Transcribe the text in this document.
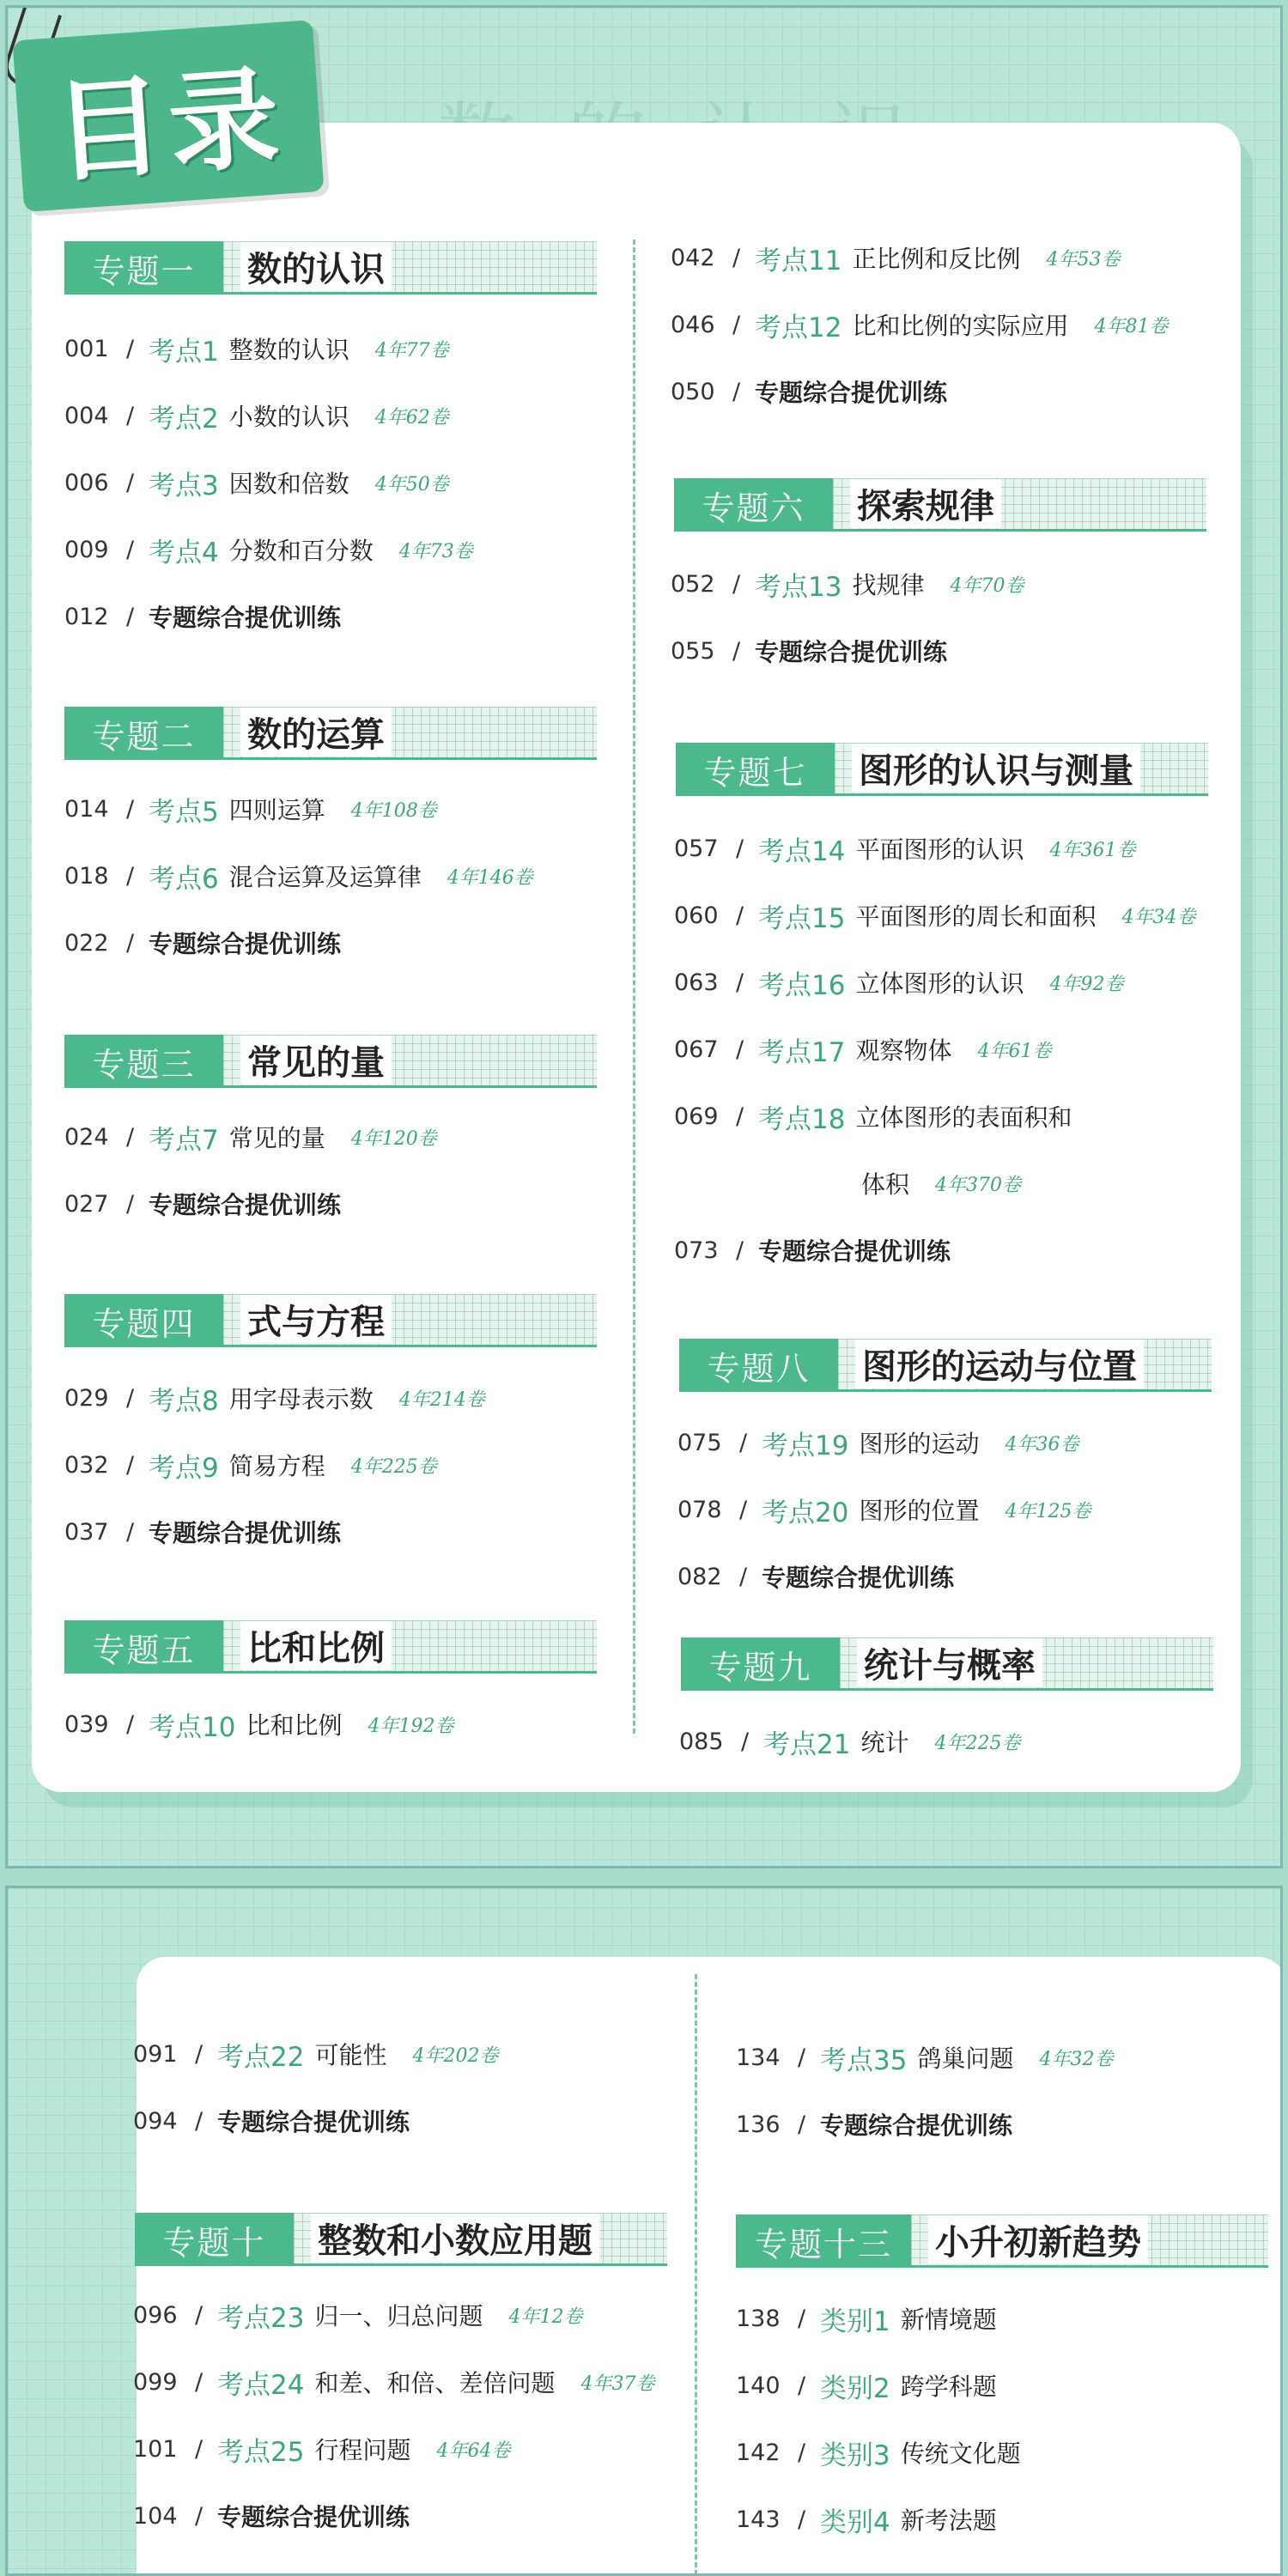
目录
专题一	数的认识
001 / 考点1 整数的认识 4年77卷
004 / 考点2 小数的认识 4年62卷
006 / 考点3 因数和倍数 4年50卷
009 / 考点4 分数和百分数 4年73卷
012 / 专题综合提优训练
专题二	数的运算
014 / 考点5 四则运算 4年108卷
018 / 考点6 混合运算及运算律 4年146卷
022 / 专题综合提优训练
专题三	常见的量
024 / 考点7 常见的量 4年120卷
027 / 专题综合提优训练
专题四	式与方程
029 / 考点8 用字母表示数 4年214卷
032 / 考点9 简易方程 4年225卷
037 / 专题综合提优训练
专题五	比和比例
039 / 考点10 比和比例 4年192卷
042 / 考点11 正比例和反比例 4年53卷
046 / 考点12 比和比例的实际应用 4年81卷
050 / 专题综合提优训练
专题六	探索规律
052 / 考点13 找规律 4年70卷
055 / 专题综合提优训练
专题七	图形的认识与测量
057 / 考点14 平面图形的认识 4年361卷
060 / 考点15 平面图形的周长和面积 4年34卷
063 / 考点16 立体图形的认识 4年92卷
067 / 考点17 观察物体 4年61卷
069 / 考点18 立体图形的表面积和
体积 4年370卷
073 / 专题综合提优训练
专题八	图形的运动与位置
075 / 考点19 图形的运动 4年36卷
078 / 考点20 图形的位置 4年125卷
082 / 专题综合提优训练
专题九	统计与概率
085 / 考点21 统计 4年225卷
091 / 考点22 可能性 4年202卷
094 / 专题综合提优训练
专题十	整数和小数应用题
096 / 考点23 归一、归总问题 4年12卷
099 / 考点24 和差、和倍、差倍问题 4年37卷
101 / 考点25 行程问题 4年64卷
104 / 专题综合提优训练
134 / 考点35 鸽巢问题 4年32卷
136 / 专题综合提优训练
专题十三	小升初新趋势
138 / 类别1 新情境题
140 / 类别2 跨学科题
142 / 类别3 传统文化题
143 / 类别4 新考法题
